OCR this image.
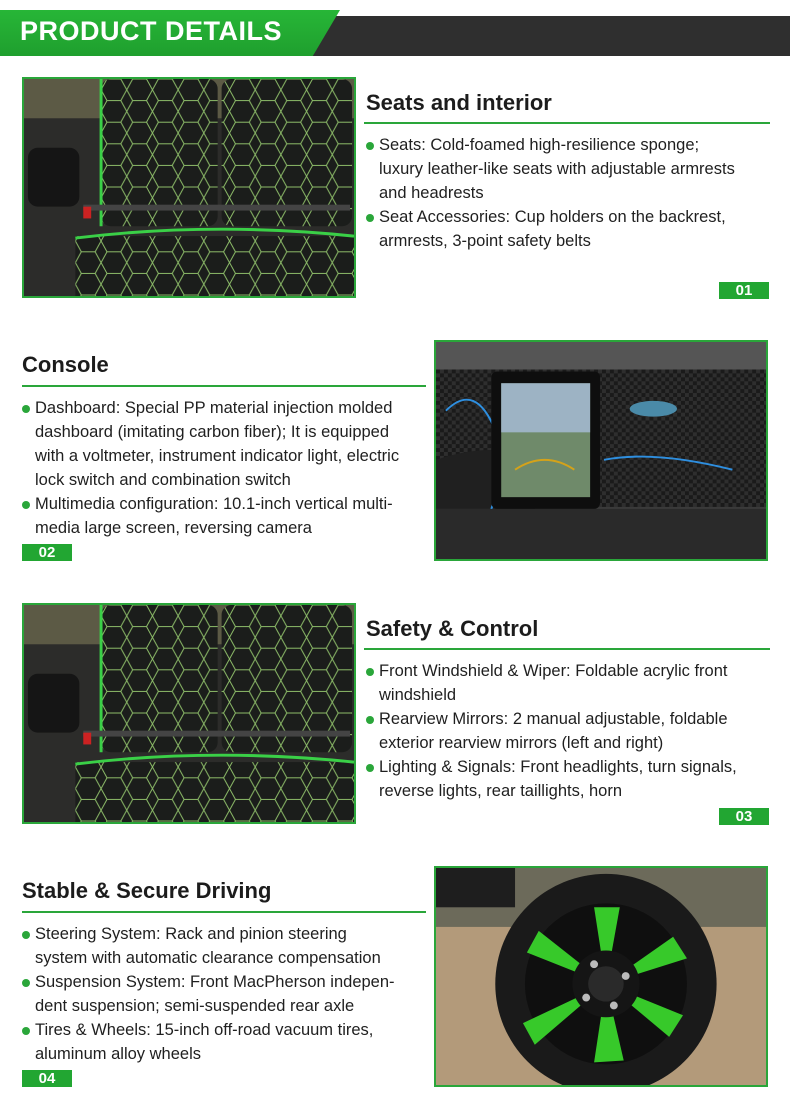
PRODUCT DETAILS
Seats and interior
Seats: Cold-foamed high-resilience sponge;
luxury leather-like seats with adjustable armrests
and headrests
Seat Accessories: Cup holders on the backrest,
armrests, 3-point safety belts
01
Console
Dashboard: Special PP material injection molded
dashboard (imitating carbon fiber); It is equipped
with a voltmeter, instrument indicator light, electric
lock switch and combination switch
Multimedia configuration: 10.1-inch vertical multi-
media large screen, reversing camera
02
Safety & Control
Front Windshield & Wiper: Foldable acrylic front
windshield
Rearview Mirrors: 2 manual adjustable, foldable
exterior rearview mirrors (left and right)
Lighting & Signals: Front headlights, turn signals,
reverse lights, rear taillights, horn
03
Stable & Secure Driving
Steering System: Rack and pinion steering
system with automatic clearance compensation
Suspension System: Front MacPherson indepen-
dent suspension; semi-suspended rear axle
Tires & Wheels: 15-inch off-road vacuum tires,
aluminum alloy wheels
04
